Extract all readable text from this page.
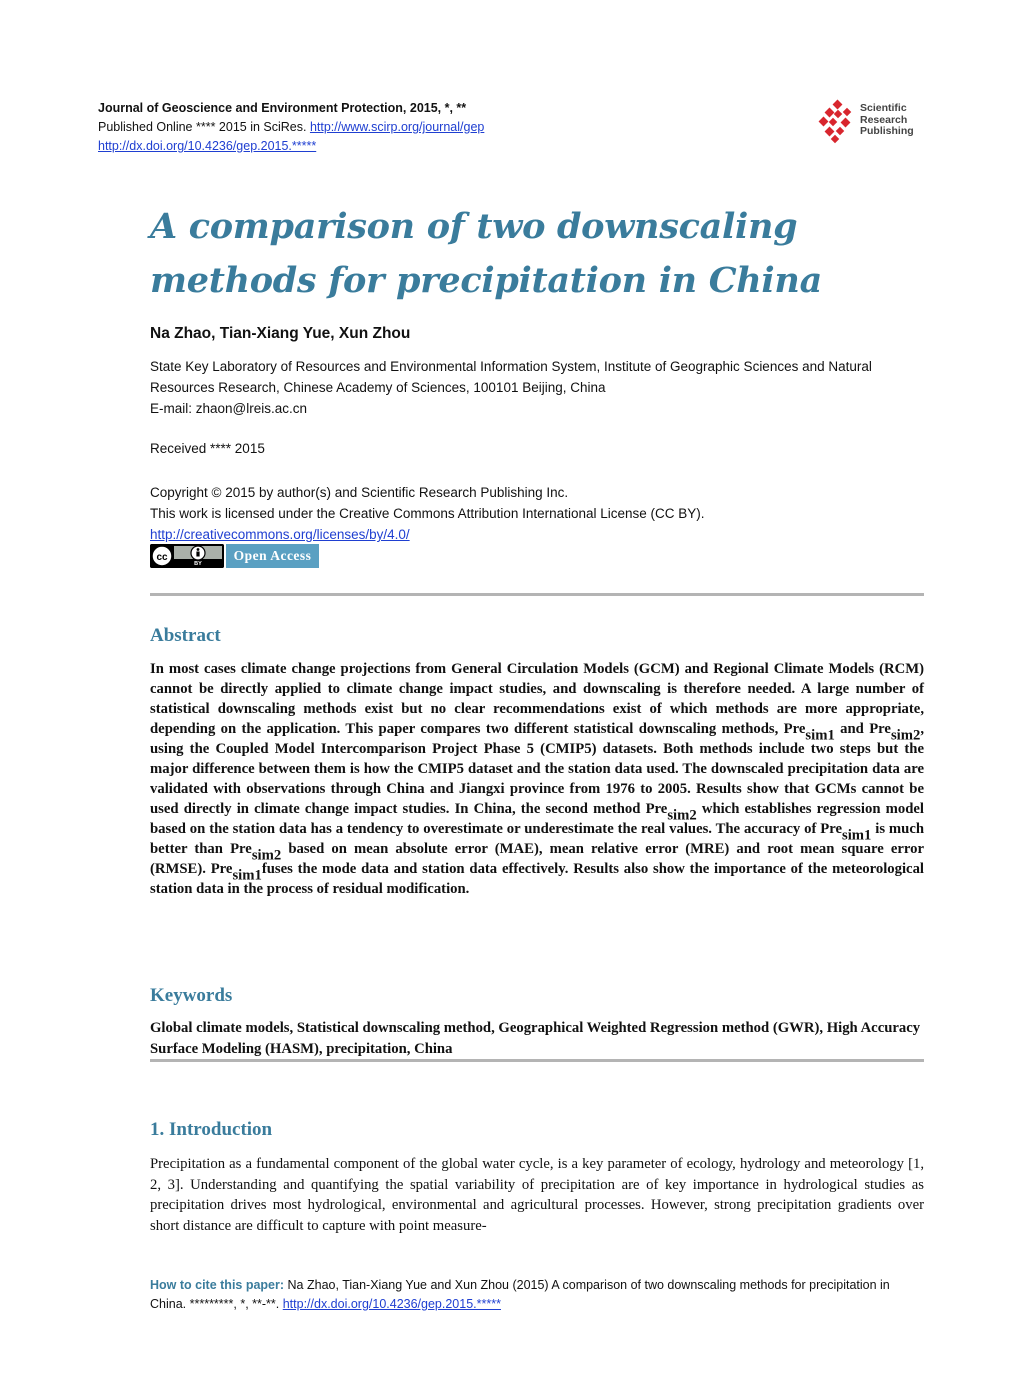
Journal of Geoscience and Environment Protection, 2015, *, **
Published Online **** 2015 in SciRes. http://www.scirp.org/journal/gep
http://dx.doi.org/10.4236/gep.2015.*****
Scientific
Research
Publishing
A comparison of two downscaling methods for precipitation in China
Na Zhao, Tian-Xiang Yue, Xun Zhou
State Key Laboratory of Resources and Environmental Information System, Institute of Geographic Sciences and Natural Resources Research, Chinese Academy of Sciences, 100101 Beijing, China
E-mail: zhaon@lreis.ac.cn
Received **** 2015
Copyright © 2015 by author(s) and Scientific Research Publishing Inc.
This work is licensed under the Creative Commons Attribution International License (CC BY).
http://creativecommons.org/licenses/by/4.0/
cc
BY
Open Access
Abstract
In most cases climate change projections from General Circulation Models (GCM) and Regional Climate Models (RCM) cannot be directly applied to climate change impact studies, and downscaling is therefore needed. A large number of statistical downscaling methods exist but no clear recommendations exist of which methods are more appropriate, depending on the application. This paper compares two different statistical downscaling methods, Pre$_{sim1}$ and Pre$_{sim2}$, using the Coupled Model Intercomparison Project Phase 5 (CMIP5) datasets. Both methods include two steps but the major difference between them is how the CMIP5 dataset and the station data used. The downscaled precipitation data are validated with observations through China and Jiangxi province from 1976 to 2005. Results show that GCMs cannot be used directly in climate change impact studies. In China, the second method Pre$_{sim2}$ which establishes regression model based on the station data has a tendency to overestimate or underestimate the real values. The accuracy of Pre$_{sim1}$ is much better than Pre$_{sim2}$ based on mean absolute error (MAE), mean relative error (MRE) and root mean square error (RMSE). Pre$_{sim1}$fuses the mode data and station data effectively. Results also show the importance of the meteorological station data in the process of residual modification.
Keywords
Global climate models, Statistical downscaling method, Geographical Weighted Regression method (GWR), High Accuracy Surface Modeling (HASM), precipitation, China
1. Introduction
Precipitation as a fundamental component of the global water cycle, is a key parameter of ecology, hydrology and meteorology [1, 2, 3]. Understanding and quantifying the spatial variability of precipitation are of key importance in hydrological studies as precipitation drives most hydrological, environmental and agricultural processes. However, strong precipitation gradients over short distance are difficult to capture with point measure-
How to cite this paper: Na Zhao, Tian-Xiang Yue and Xun Zhou (2015) A comparison of two downscaling methods for precipitation in China. *********, *, **-**. http://dx.doi.org/10.4236/gep.2015.*****
